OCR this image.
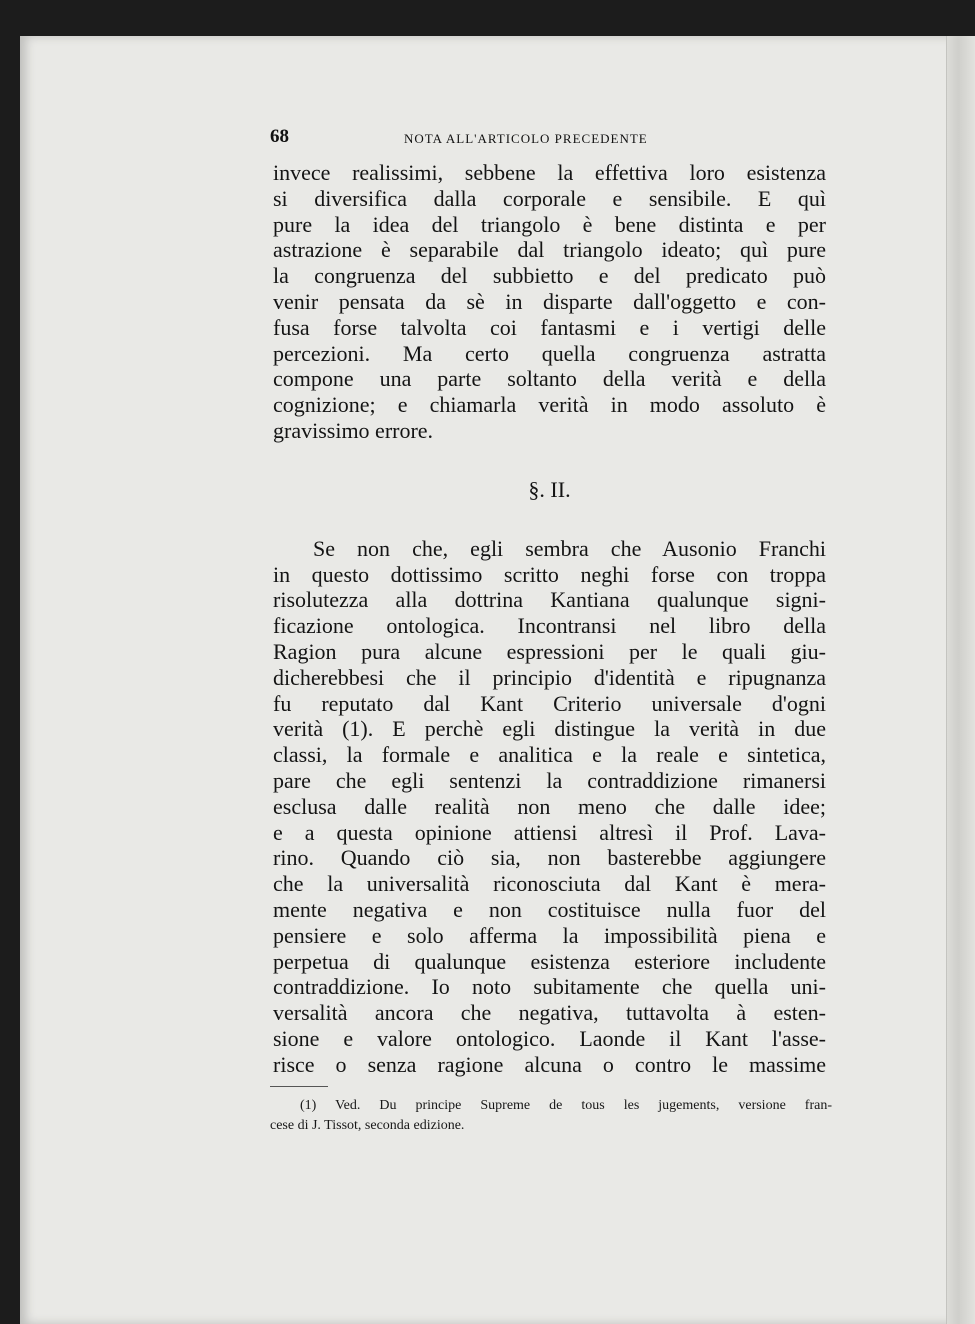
68	NOTA ALL'ARTICOLO PRECEDENTE
invece realissimi, sebbene la effettiva loro esistenza
si diversifica dalla corporale e sensibile. E quì
pure la idea del triangolo è bene distinta e per
astrazione è separabile dal triangolo ideato; quì pure
la congruenza del subbietto e del predicato può
venir pensata da sè in disparte dall'oggetto e con-
fusa forse talvolta coi fantasmi e i vertigi delle
percezioni. Ma certo quella congruenza astratta
compone una parte soltanto della verità e della
cognizione; e chiamarla verità in modo assoluto è
gravissimo errore.
§. II.
Se non che, egli sembra che Ausonio Franchi
in questo dottissimo scritto neghi forse con troppa
risolutezza alla dottrina Kantiana qualunque signi-
ficazione ontologica. Incontransi nel libro della
Ragion pura alcune espressioni per le quali giu-
dicherebbesi che il principio d'identità e ripugnanza
fu reputato dal Kant Criterio universale d'ogni
verità (1). E perchè egli distingue la verità in due
classi, la formale e analitica e la reale e sintetica,
pare che egli sentenzi la contraddizione rimanersi
esclusa dalle realità non meno che dalle idee;
e a questa opinione attiensi altresì il Prof. Lava-
rino. Quando ciò sia, non basterebbe aggiungere
che la universalità riconosciuta dal Kant è mera-
mente negativa e non costituisce nulla fuor del
pensiere e solo afferma la impossibilità piena e
perpetua di qualunque esistenza esteriore includente
contraddizione. Io noto subitamente che quella uni-
versalità ancora che negativa, tuttavolta à esten-
sione e valore ontologico. Laonde il Kant l'asse-
risce o senza ragione alcuna o contro le massime
(1) Ved. Du principe Supreme de tous les jugements, versione fran-
cese di J. Tissot, seconda edizione.
